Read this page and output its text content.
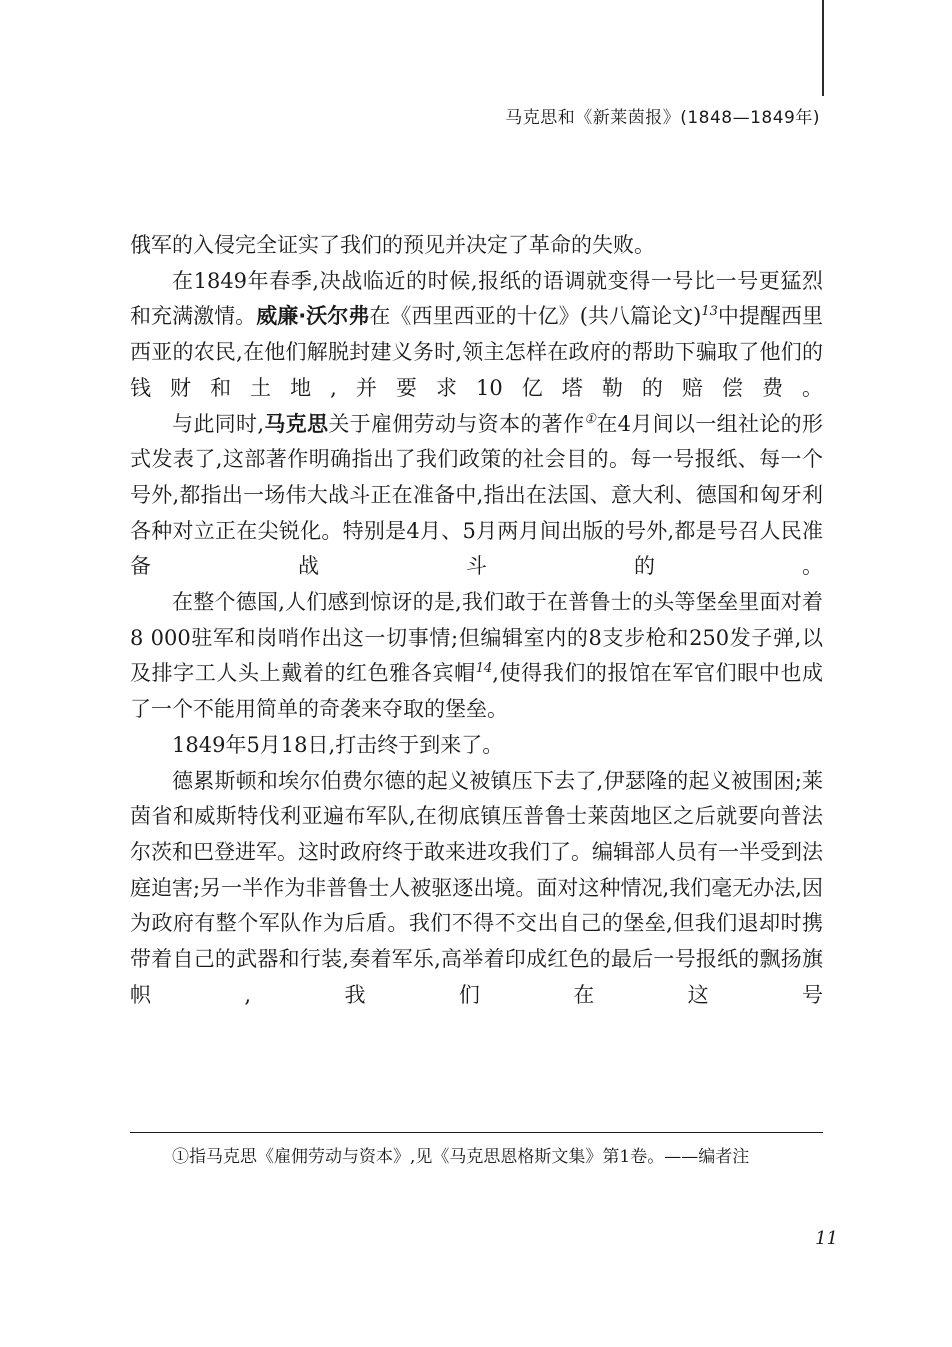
马克思和《新莱茵报》(1848—1849年)

俄军的入侵完全证实了我们的预见并决定了革命的失败。

在1849年春季,决战临近的时候,报纸的语调就变得一号比一号更猛烈和充满激情。威廉·沃尔弗在《西里西亚的十亿》(共八篇论文)$^{13}$中提醒西里西亚的农民,在他们解脱封建义务时,领主怎样在政府的帮助下骗取了他们的钱财和土地,并要求10亿塔勒的赔偿费。

与此同时,马克思关于雇佣劳动与资本的著作①在4月间以一组社论的形式发表了,这部著作明确指出了我们政策的社会目的。每一号报纸、每一个号外,都指出一场伟大战斗正在准备中,指出在法国、意大利、德国和匈牙利各种对立正在尖锐化。特别是4月、5月两月间出版的号外,都是号召人民准备战斗的。

在整个德国,人们感到惊讶的是,我们敢于在普鲁士的头等堡垒里面对着8 000驻军和岗哨作出这一切事情;但编辑室内的8支步枪和250发子弹,以及排字工人头上戴着的红色雅各宾帽$^{14}$,使得我们的报馆在军官们眼中也成了一个不能用简单的奇袭来夺取的堡垒。

1849年5月18日,打击终于到来了。

德累斯顿和埃尔伯费尔德的起义被镇压下去了,伊瑟隆的起义被围困;莱茵省和威斯特伐利亚遍布军队,在彻底镇压普鲁士莱茵地区之后就要向普法尔茨和巴登进军。这时政府终于敢来进攻我们了。编辑部人员有一半受到法庭迫害;另一半作为非普鲁士人被驱逐出境。面对这种情况,我们毫无办法,因为政府有整个军队作为后盾。我们不得不交出自己的堡垒,但我们退却时携带着自己的武器和行装,奏着军乐,高举着印成红色的最后一号报纸的飘扬旗帜,我们在这号

①指马克思《雇佣劳动与资本》,见《马克思恩格斯文集》第1卷。——编者注

11
